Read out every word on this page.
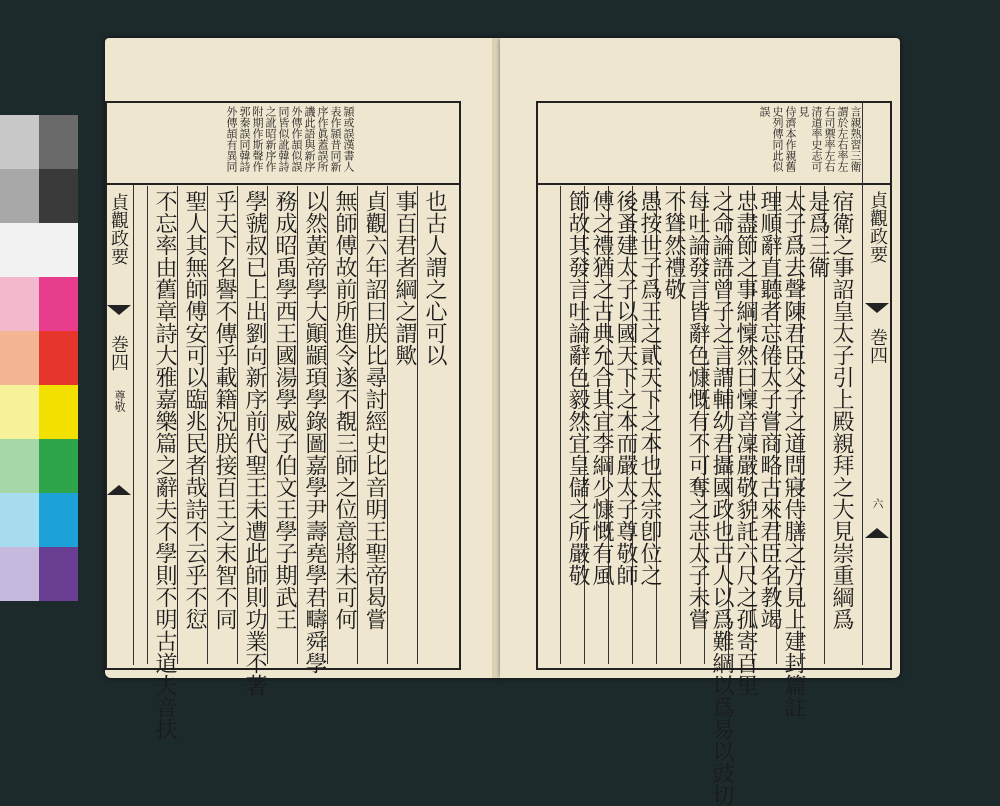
頴或誤漢書人
表作頴昔同新
序作眞蓋誤所
譏此語與新序
外傳作頡似誤
同皆似訛韓詩
之訛昭新序作
附期作斯聲作
郭秦誤同韓詩
外傳頡有異同
也古人謂之心可以
事百君者綱之謂歟
貞觀六年詔曰朕比尋討經史比音明王聖帝曷嘗
無師傅故前所進令遂不覩三師之位意將未可何
以然黃帝學大顚顓頊學錄圖嘉學尹壽堯學君疇舜學
務成昭禹學西王國湯學威子伯文王學子期武王
學虢叔已上出劉向新序前代聖王未遭此師則功業不著
乎天下名譽不傳乎載籍況朕接百王之末智不同
聖人其無師傅安可以臨兆民者哉詩不云乎不愆
不忘率由舊章詩大雅嘉樂篇之辭夫不學則不明古道夫音扶
貞觀政要
巻四
尊敬
言親熟習三衛
謂於左右率左
右司禦率左右
清道率史志可
見
侍濟本作親舊
史列傳同此似
誤
宿衛之事詔皇太子引上殿親拜之大見崇重綱爲
是爲三衛
太子爲去聲陳君臣父子之道問寢侍膳之方見上建封篇註
理順辭直聽者忘倦太子嘗商略古來君臣名教竭
忠盡節之事綱懍然曰懍音凜嚴敬貌託六尺之孤寄百里
之命論語曾子之言謂輔幼君攝國政也古人以爲難綱以爲易以豉切
每吐論發言皆辭色慷慨有不可奪之志太子未嘗
不聳然禮敬
愚按世子爲王之貳天下之本也太宗卽位之
後蚤建太子以國天下之本而嚴太子尊敬師
傅之禮猶之古典允合其宜李綱少慷慨有風
節故其發言吐論辭色毅然宜皇儲之所嚴敬	貞觀政要
巻四
六
